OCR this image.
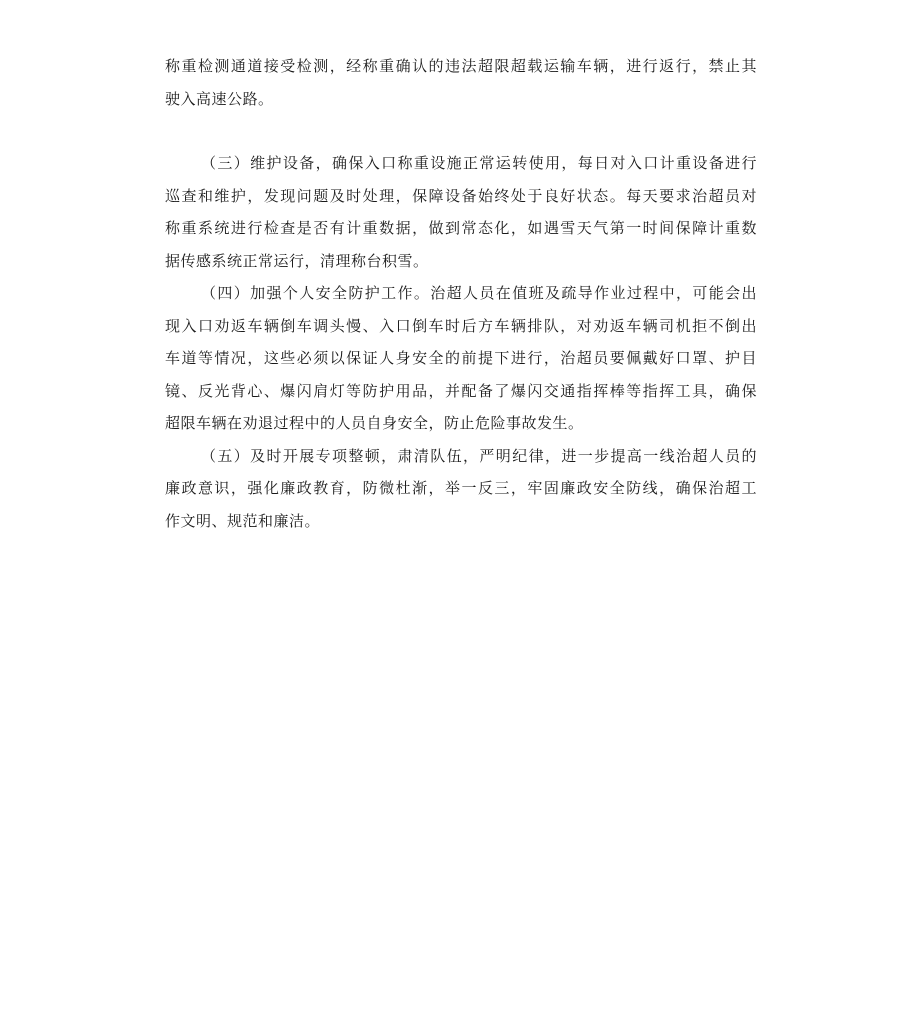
称重检测通道接受检测，经称重确认的违法超限超载运输车辆，进行返行，禁止其
驶入高速公路。
（三）维护设备，确保入口称重设施正常运转使用，每日对入口计重设备进行
巡查和维护，发现问题及时处理，保障设备始终处于良好状态。每天要求治超员对
称重系统进行检查是否有计重数据，做到常态化，如遇雪天气第一时间保障计重数
据传感系统正常运行，清理称台积雪。
（四）加强个人安全防护工作。治超人员在值班及疏导作业过程中，可能会出
现入口劝返车辆倒车调头慢、入口倒车时后方车辆排队，对劝返车辆司机拒不倒出
车道等情况，这些必须以保证人身安全的前提下进行，治超员要佩戴好口罩、护目
镜、反光背心、爆闪肩灯等防护用品，并配备了爆闪交通指挥棒等指挥工具，确保
超限车辆在劝退过程中的人员自身安全，防止危险事故发生。
（五）及时开展专项整顿，肃清队伍，严明纪律，进一步提高一线治超人员的
廉政意识，强化廉政教育，防微杜渐，举一反三，牢固廉政安全防线，确保治超工
作文明、规范和廉洁。
